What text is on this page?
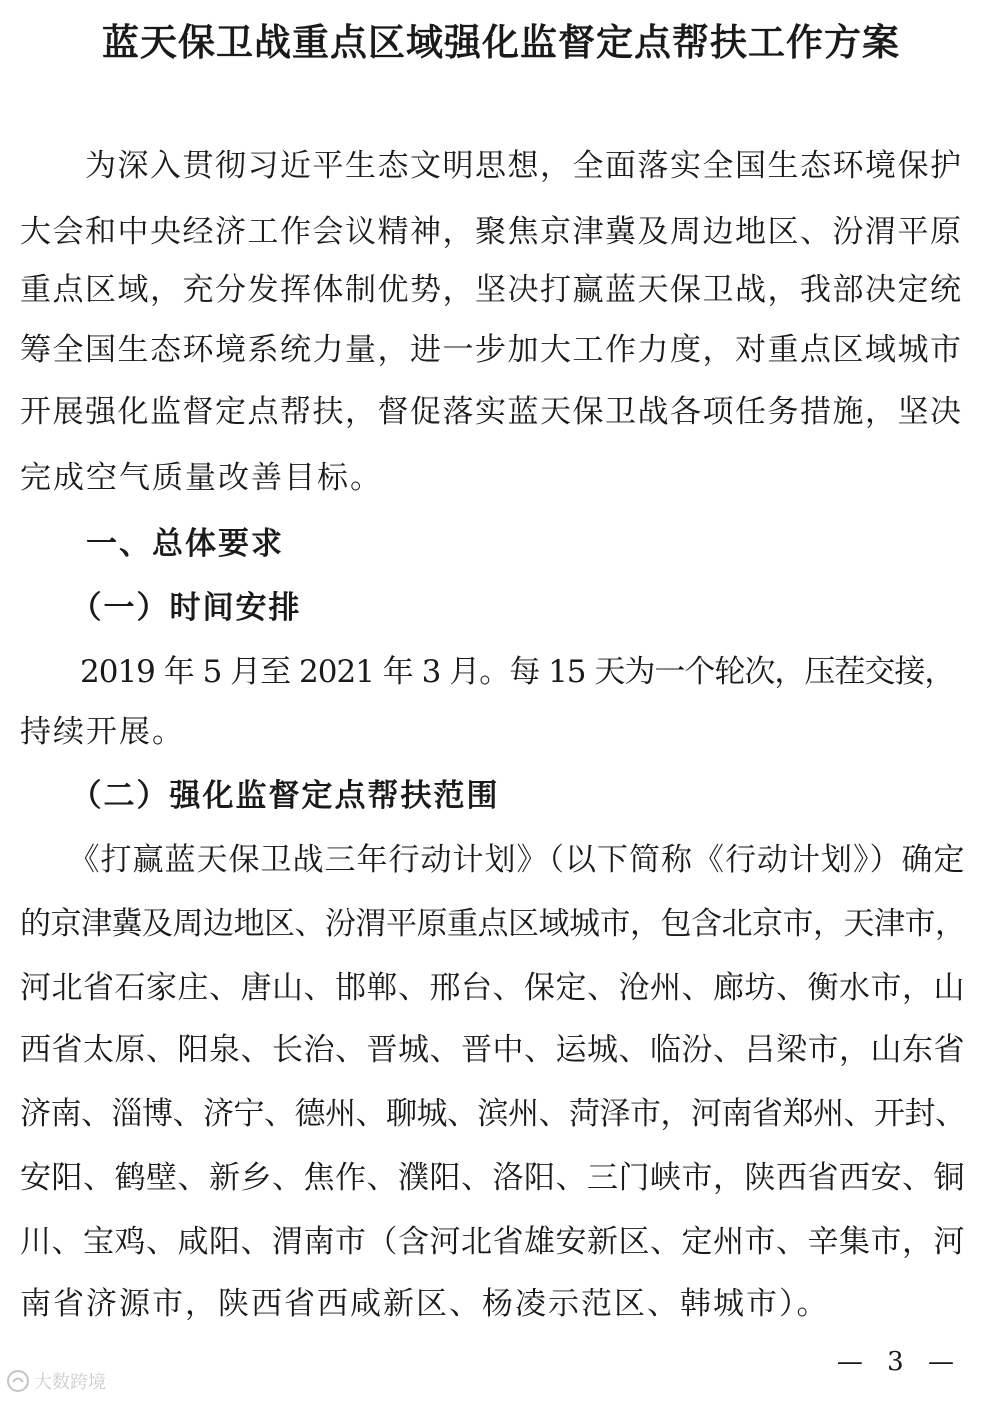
蓝天保卫战重点区域强化监督定点帮扶工作方案

　　为深入贯彻习近平生态文明思想，全面落实全国生态环境保护

大会和中央经济工作会议精神，聚焦京津冀及周边地区、汾渭平原

重点区域，充分发挥体制优势，坚决打赢蓝天保卫战，我部决定统

筹全国生态环境系统力量，进一步加大工作力度，对重点区域城市

开展强化监督定点帮扶，督促落实蓝天保卫战各项任务措施，坚决

完成空气质量改善目标。

　　一、总体要求

　　（一）时间安排

　　2019 年 5 月至 2021 年 3 月。每 15 天为一个轮次，压茬交接，

持续开展。

　　（二）强化监督定点帮扶范围

　　《打赢蓝天保卫战三年行动计划》（以下简称《行动计划》）确定

的京津冀及周边地区、汾渭平原重点区域城市，包含北京市，天津市，

河北省石家庄、唐山、邯郸、邢台、保定、沧州、廊坊、衡水市，山

西省太原、阳泉、长治、晋城、晋中、运城、临汾、吕梁市，山东省

济南、淄博、济宁、德州、聊城、滨州、菏泽市，河南省郑州、开封、

安阳、鹤壁、新乡、焦作、濮阳、洛阳、三门峡市，陕西省西安、铜

川、宝鸡、咸阳、渭南市（含河北省雄安新区、定州市、辛集市，河

南省济源市，陕西省西咸新区、杨凌示范区、韩城市）。

— 3 —
大数跨境
